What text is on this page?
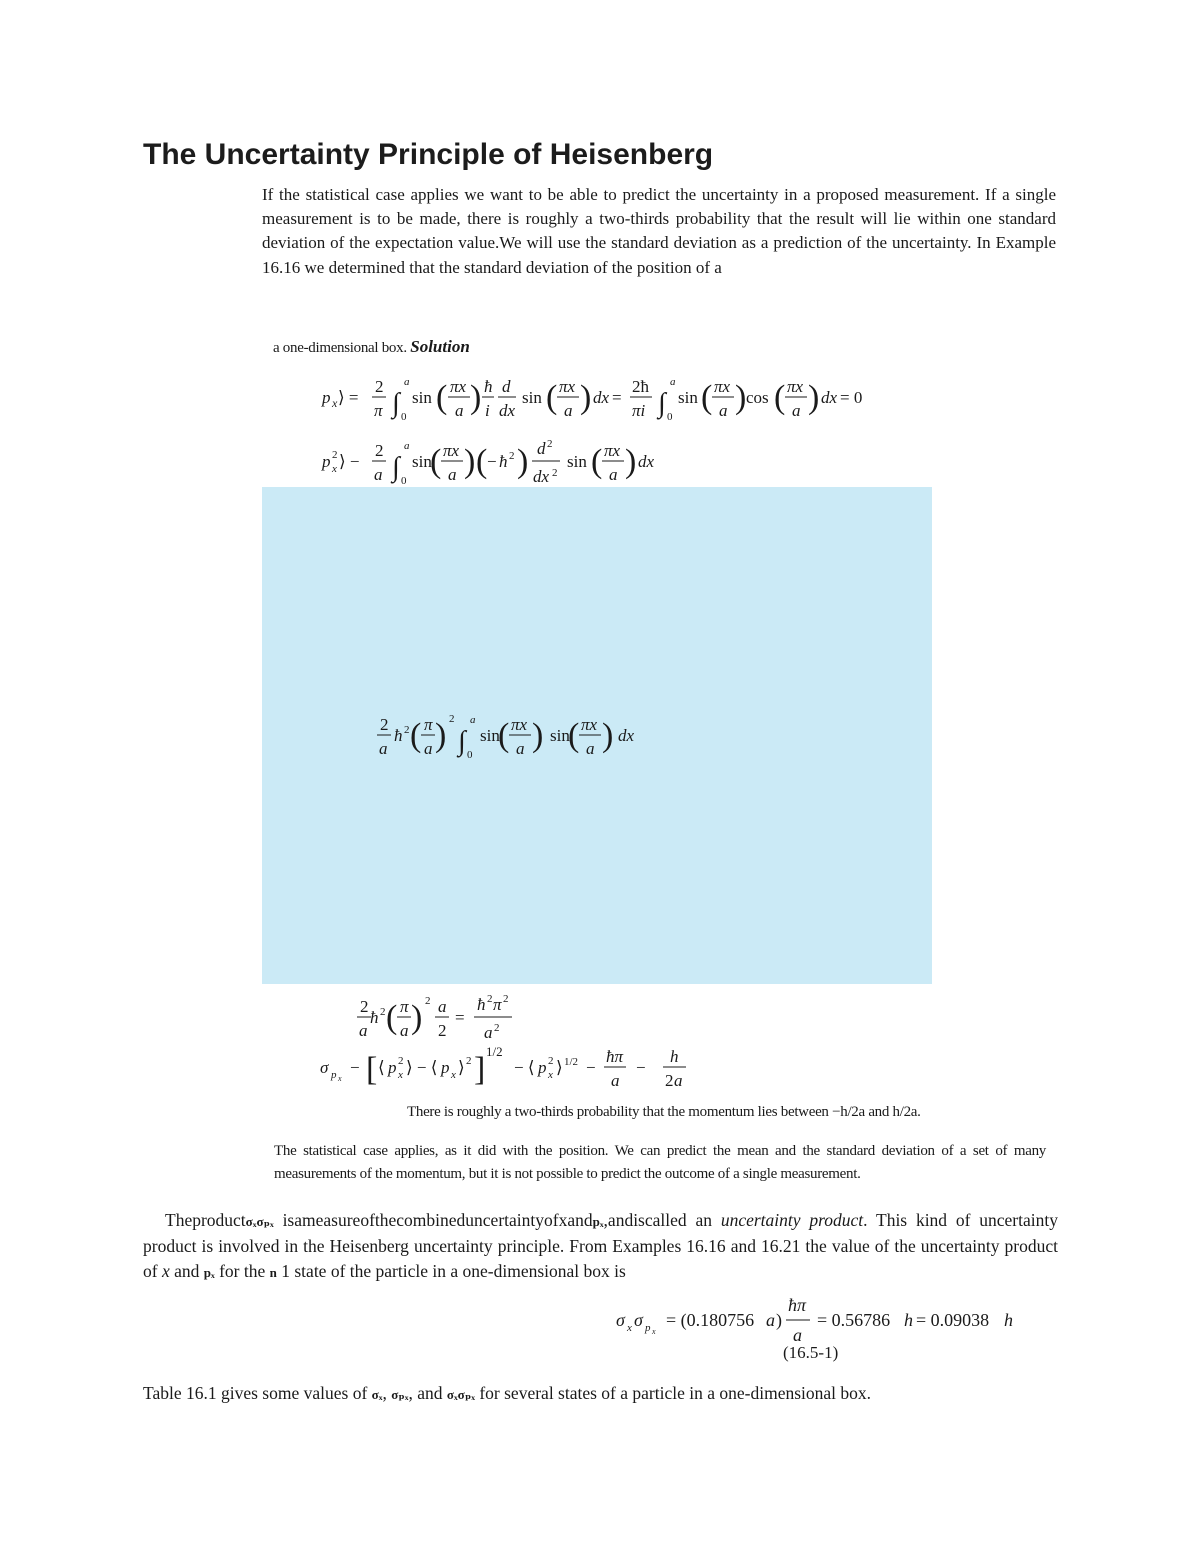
The Uncertainty Principle of Heisenberg

If the statistical case applies we want to be able to predict the uncertainty in a proposed measurement. If a single measurement is to be made, there is roughly a two-thirds probability that the result will lie within one standard deviation of the expectation value.We will use the standard deviation as a prediction of the uncertainty. In Example 16.16 we determined that the standard deviation of the position of a

a one-dimensional box. Solution
p x ⟩ =
2
π ∫
a
0
sin ( πx
a ) ħ
i
d
dx
sin ( πx
a ) dx =
2ħ
πi ∫
a
0
sin ( πx
a ) cos ( πx
a ) dx = 0
p 2
x ⟩ −
2
a ∫
a
0
sin
( πx
a ) ( − ħ 2 ) d 2
dx 2
sin ( πx
a ) dx
2
a
ħ 2 ( π
a ) 2
∫
a
0
sin
( πx
a ) sin
( πx
a ) dx
2
a
ħ 2 ( π
a ) 2 a
2
=
ħ 2 π 2
a 2
σ p x
− [ ⟨ p 2
x ⟩ − ⟨ p x ⟩ 2 ] 1/2
− ⟨ p 2
x ⟩ 1/2 −
ħπ
a
−
h
2 a
There is roughly a two-thirds probability that the momentum lies between −h/2a and h/2a.

The statistical case applies, as it did with the position. We can predict the mean and the standard deviation of a set of many measurements of the momentum, but it is not possible to predict the outcome of a single measurement.

Theproductσₓσₚₓ isameasureofthecombineduncertaintyofxandpₓ,andiscalled an uncertainty product. This kind of uncertainty product is involved in the Heisenberg uncertainty principle. From Examples 16.16 and 16.21 the value of the uncertainty product of x and pₓ for the n 1 state of the particle in a one-dimensional box is

σ x σ p x
= (0.180756 a )
ħπ
a
= 0.56786 h = 0.09038 h
(16.5-1)

Table 16.1 gives some values of σₓ, σₚₓ, and σₓσₚₓ for several states of a particle in a one-dimensional box.
